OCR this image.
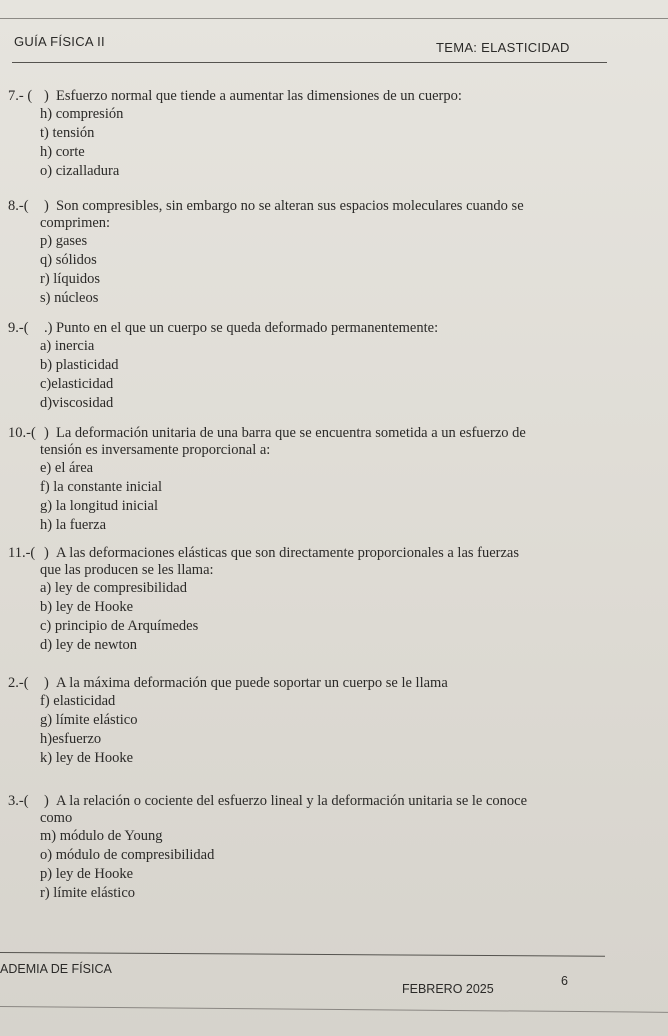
GUÍA FÍSICA II	TEMA: ELASTICIDAD
7.- ( ) Esfuerzo normal que tiende a aumentar las dimensiones de un cuerpo:
h) compresión
t) tensión
h) corte
o) cizalladura
8.-( ) Son compresibles, sin embargo no se alteran sus espacios moleculares cuando se
comprimen:
p) gases
q) sólidos
r) líquidos
s) núcleos
9.-( .) Punto en el que un cuerpo se queda deformado permanentemente:
a) inercia
b) plasticidad
c)elasticidad
d)viscosidad
10.-( ) La deformación unitaria de una barra que se encuentra sometida a un esfuerzo de
tensión es inversamente proporcional a:
e) el área
f) la constante inicial
g) la longitud inicial
h) la fuerza
11.-( ) A las deformaciones elásticas que son directamente proporcionales a las fuerzas
que las producen se les llama:
a) ley de compresibilidad
b) ley de Hooke
c) principio de Arquímedes
d) ley de newton
2.-( ) A la máxima deformación que puede soportar un cuerpo se le llama
f) elasticidad
g) límite elástico
h)esfuerzo
k) ley de Hooke
3.-( ) A la relación o cociente del esfuerzo lineal y la deformación unitaria se le conoce
como
m) módulo de Young
o) módulo de compresibilidad
p) ley de Hooke
r) límite elástico
ADEMIA DE FÍSICA
FEBRERO 2025
6
